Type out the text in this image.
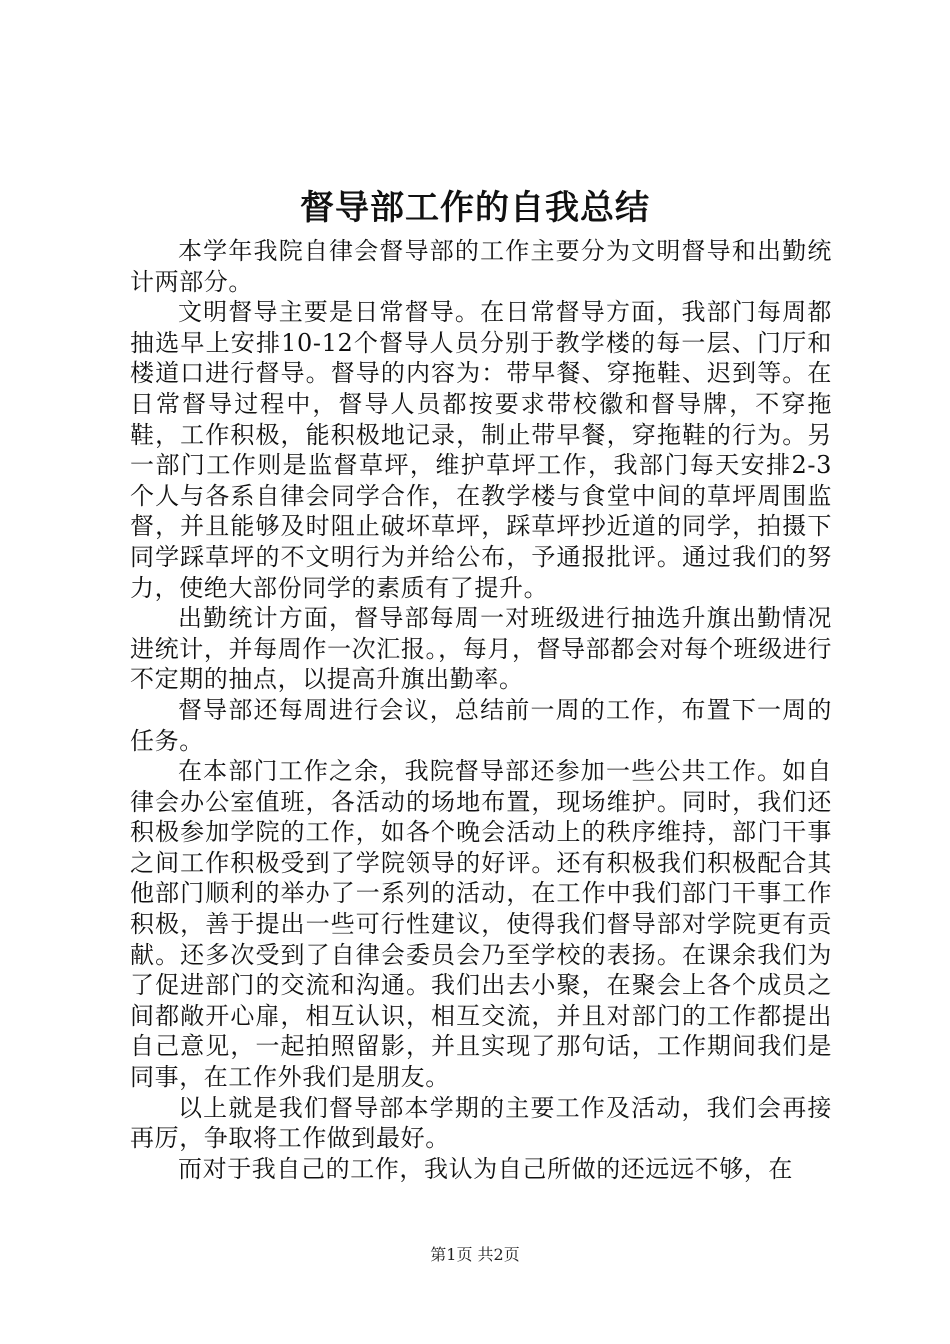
督导部工作的自我总结

本学年我院自律会督导部的工作主要分为文明督导和出勤统计两部分。

文明督导主要是日常督导。在日常督导方面，我部门每周都抽选早上安排10-12个督导人员分别于教学楼的每一层、门厅和楼道口进行督导。督导的内容为：带早餐、穿拖鞋、迟到等。在日常督导过程中，督导人员都按要求带校徽和督导牌，不穿拖鞋，工作积极，能积极地记录，制止带早餐，穿拖鞋的行为。另一部门工作则是监督草坪，维护草坪工作，我部门每天安排2-3个人与各系自律会同学合作，在教学楼与食堂中间的草坪周围监督，并且能够及时阻止破坏草坪，踩草坪抄近道的同学，拍摄下同学踩草坪的不文明行为并给公布，予通报批评。通过我们的努力，使绝大部份同学的素质有了提升。

出勤统计方面，督导部每周一对班级进行抽选升旗出勤情况进统计，并每周作一次汇报。，每月，督导部都会对每个班级进行不定期的抽点，以提高升旗出勤率。

督导部还每周进行会议，总结前一周的工作，布置下一周的任务。

在本部门工作之余，我院督导部还参加一些公共工作。如自律会办公室值班，各活动的场地布置，现场维护。同时，我们还积极参加学院的工作，如各个晚会活动上的秩序维持，部门干事之间工作积极受到了学院领导的好评。还有积极我们积极配合其他部门顺利的举办了一系列的活动，在工作中我们部门干事工作积极，善于提出一些可行性建议，使得我们督导部对学院更有贡献。还多次受到了自律会委员会乃至学校的表扬。在课余我们为了促进部门的交流和沟通。我们出去小聚，在聚会上各个成员之间都敞开心扉，相互认识，相互交流，并且对部门的工作都提出自己意见，一起拍照留影，并且实现了那句话，工作期间我们是同事，在工作外我们是朋友。

以上就是我们督导部本学期的主要工作及活动，我们会再接再厉，争取将工作做到最好。

而对于我自己的工作，我认为自己所做的还远远不够，在

第1页 共2页
